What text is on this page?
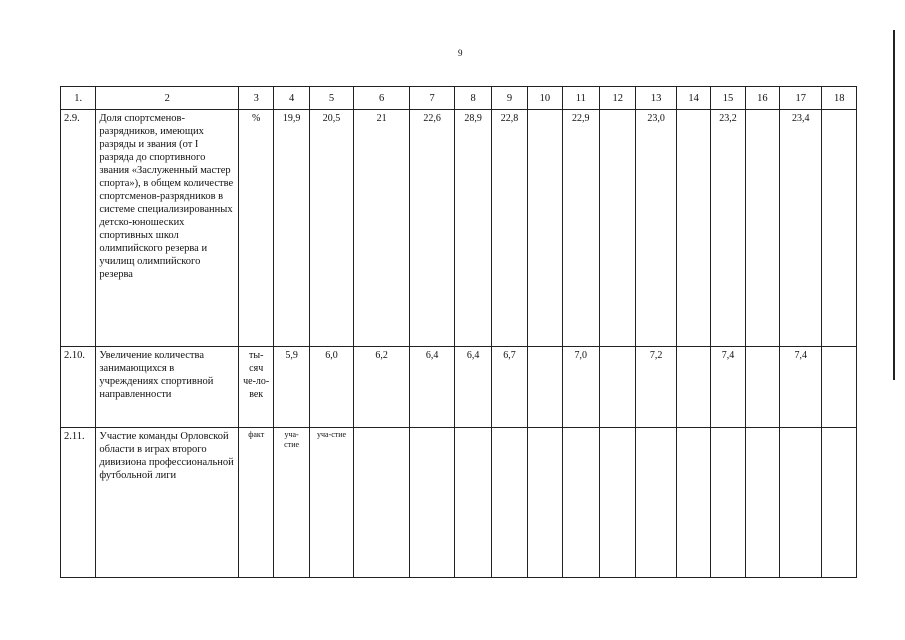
9
1.	2	3	4	5	6	7	8	9	10	11	12	13	14	15	16	17	18
2.9.	Доля спортсменов-разрядников, имеющих разряды и звания (от I разряда до спортивного звания «Заслуженный мастер спорта»), в общем количестве спортсменов-разрядников в системе специализированных детско-юношеских спортивных школ олимпийского резерва и училищ олимпийского резерва	%	19,9	20,5	21	22,6	28,9	22,8		22,9		23,0		23,2		23,4	
2.10.	Увеличение количества занимающихся в учреждениях спортивной направленности	ты-сяч че-ло-век	5,9	6,0	6,2	6,4	6,4	6,7		7,0		7,2		7,4		7,4	
2.11.	Участие команды Орловской области в играх второго дивизиона профессиональной футбольной лиги	факт	уча-стие	уча-стие													
